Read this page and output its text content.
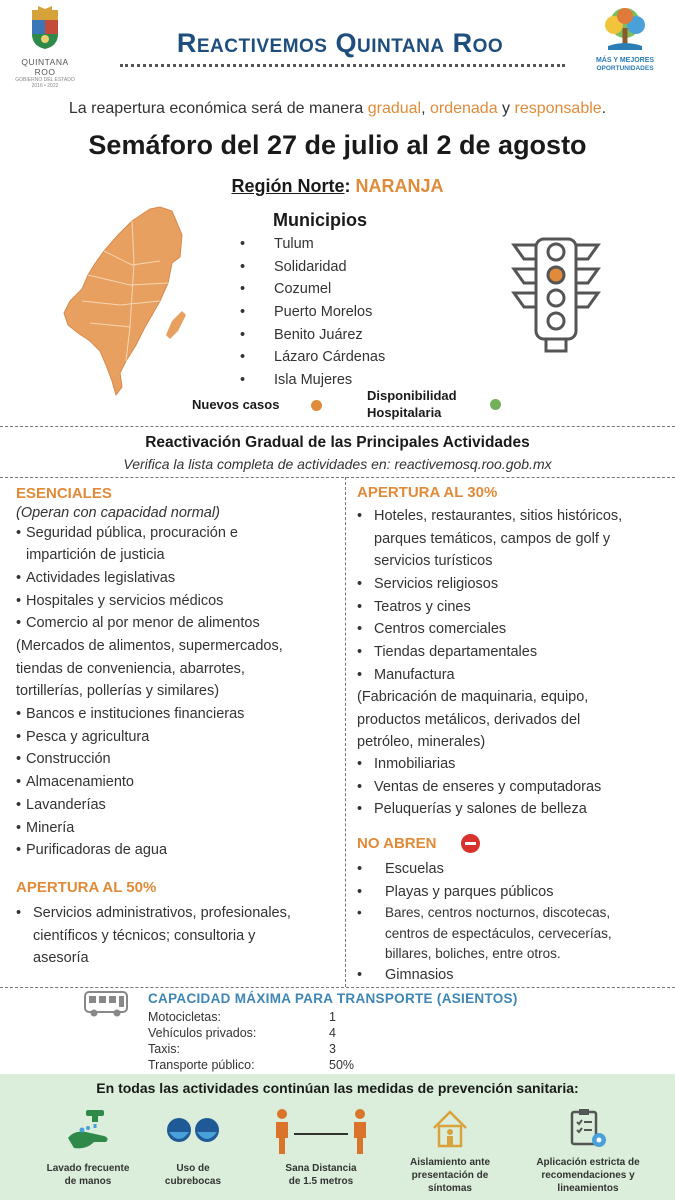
QUINTANA ROO
GOBIERNO DEL ESTADO
2016 • 2022
Reactivemos Quintana Roo
MÁS Y MEJORES
OPORTUNIDADES
La reapertura económica será de manera gradual, ordenada y responsable.
Semáforo del 27 de julio al 2 de agosto
Región Norte: NARANJA
Municipios
• Tulum
• Solidaridad
• Cozumel
• Puerto Morelos
• Benito Juárez
• Lázaro Cárdenas
• Isla Mujeres
Nuevos casos
Disponibilidad
Hospitalaria
Reactivación Gradual de las Principales Actividades
Verifica la lista completa de actividades en: reactivemosq.roo.gob.mx
ESENCIALES
(Operan con capacidad normal)
• Seguridad pública, procuración e
impartición de justicia
• Actividades legislativas
• Hospitales y servicios médicos
• Comercio al por menor de alimentos
(Mercados de alimentos, supermercados,
tiendas de conveniencia, abarrotes,
tortillerías, pollerías y similares)
• Bancos e instituciones financieras
• Pesca y agricultura
• Construcción
• Almacenamiento
• Lavanderías
• Minería
• Purificadoras de agua
APERTURA AL 50%
• Servicios administrativos, profesionales,
científicos y técnicos; consultoria y
asesoría
APERTURA AL 30%
• Hoteles, restaurantes, sitios históricos,
parques temáticos, campos de golf y
servicios turísticos
• Servicios religiosos
• Teatros y cines
• Centros comerciales
• Tiendas departamentales
• Manufactura
(Fabricación de maquinaria, equipo,
productos metálicos, derivados del
petróleo, minerales)
• Inmobiliarias
• Ventas de enseres y computadoras
• Peluquerías y salones de belleza
NO ABREN
• Escuelas
• Playas y parques públicos
• Bares, centros nocturnos, discotecas,
centros de espectáculos, cervecerías,
billares, boliches, entre otros.
• Gimnasios
CAPACIDAD MÁXIMA PARA TRANSPORTE (ASIENTOS)
Motocicletas:	1
Vehículos privados:	4
Taxis:	3
Transporte público:	50%
En todas las actividades continúan las medidas de prevención sanitaria:
Lavado frecuente
de manos
Uso de
cubrebocas
Sana Distancia
de 1.5 metros
Aislamiento ante
presentación de
síntomas
Aplicación estricta de
recomendaciones y
lineamientos
